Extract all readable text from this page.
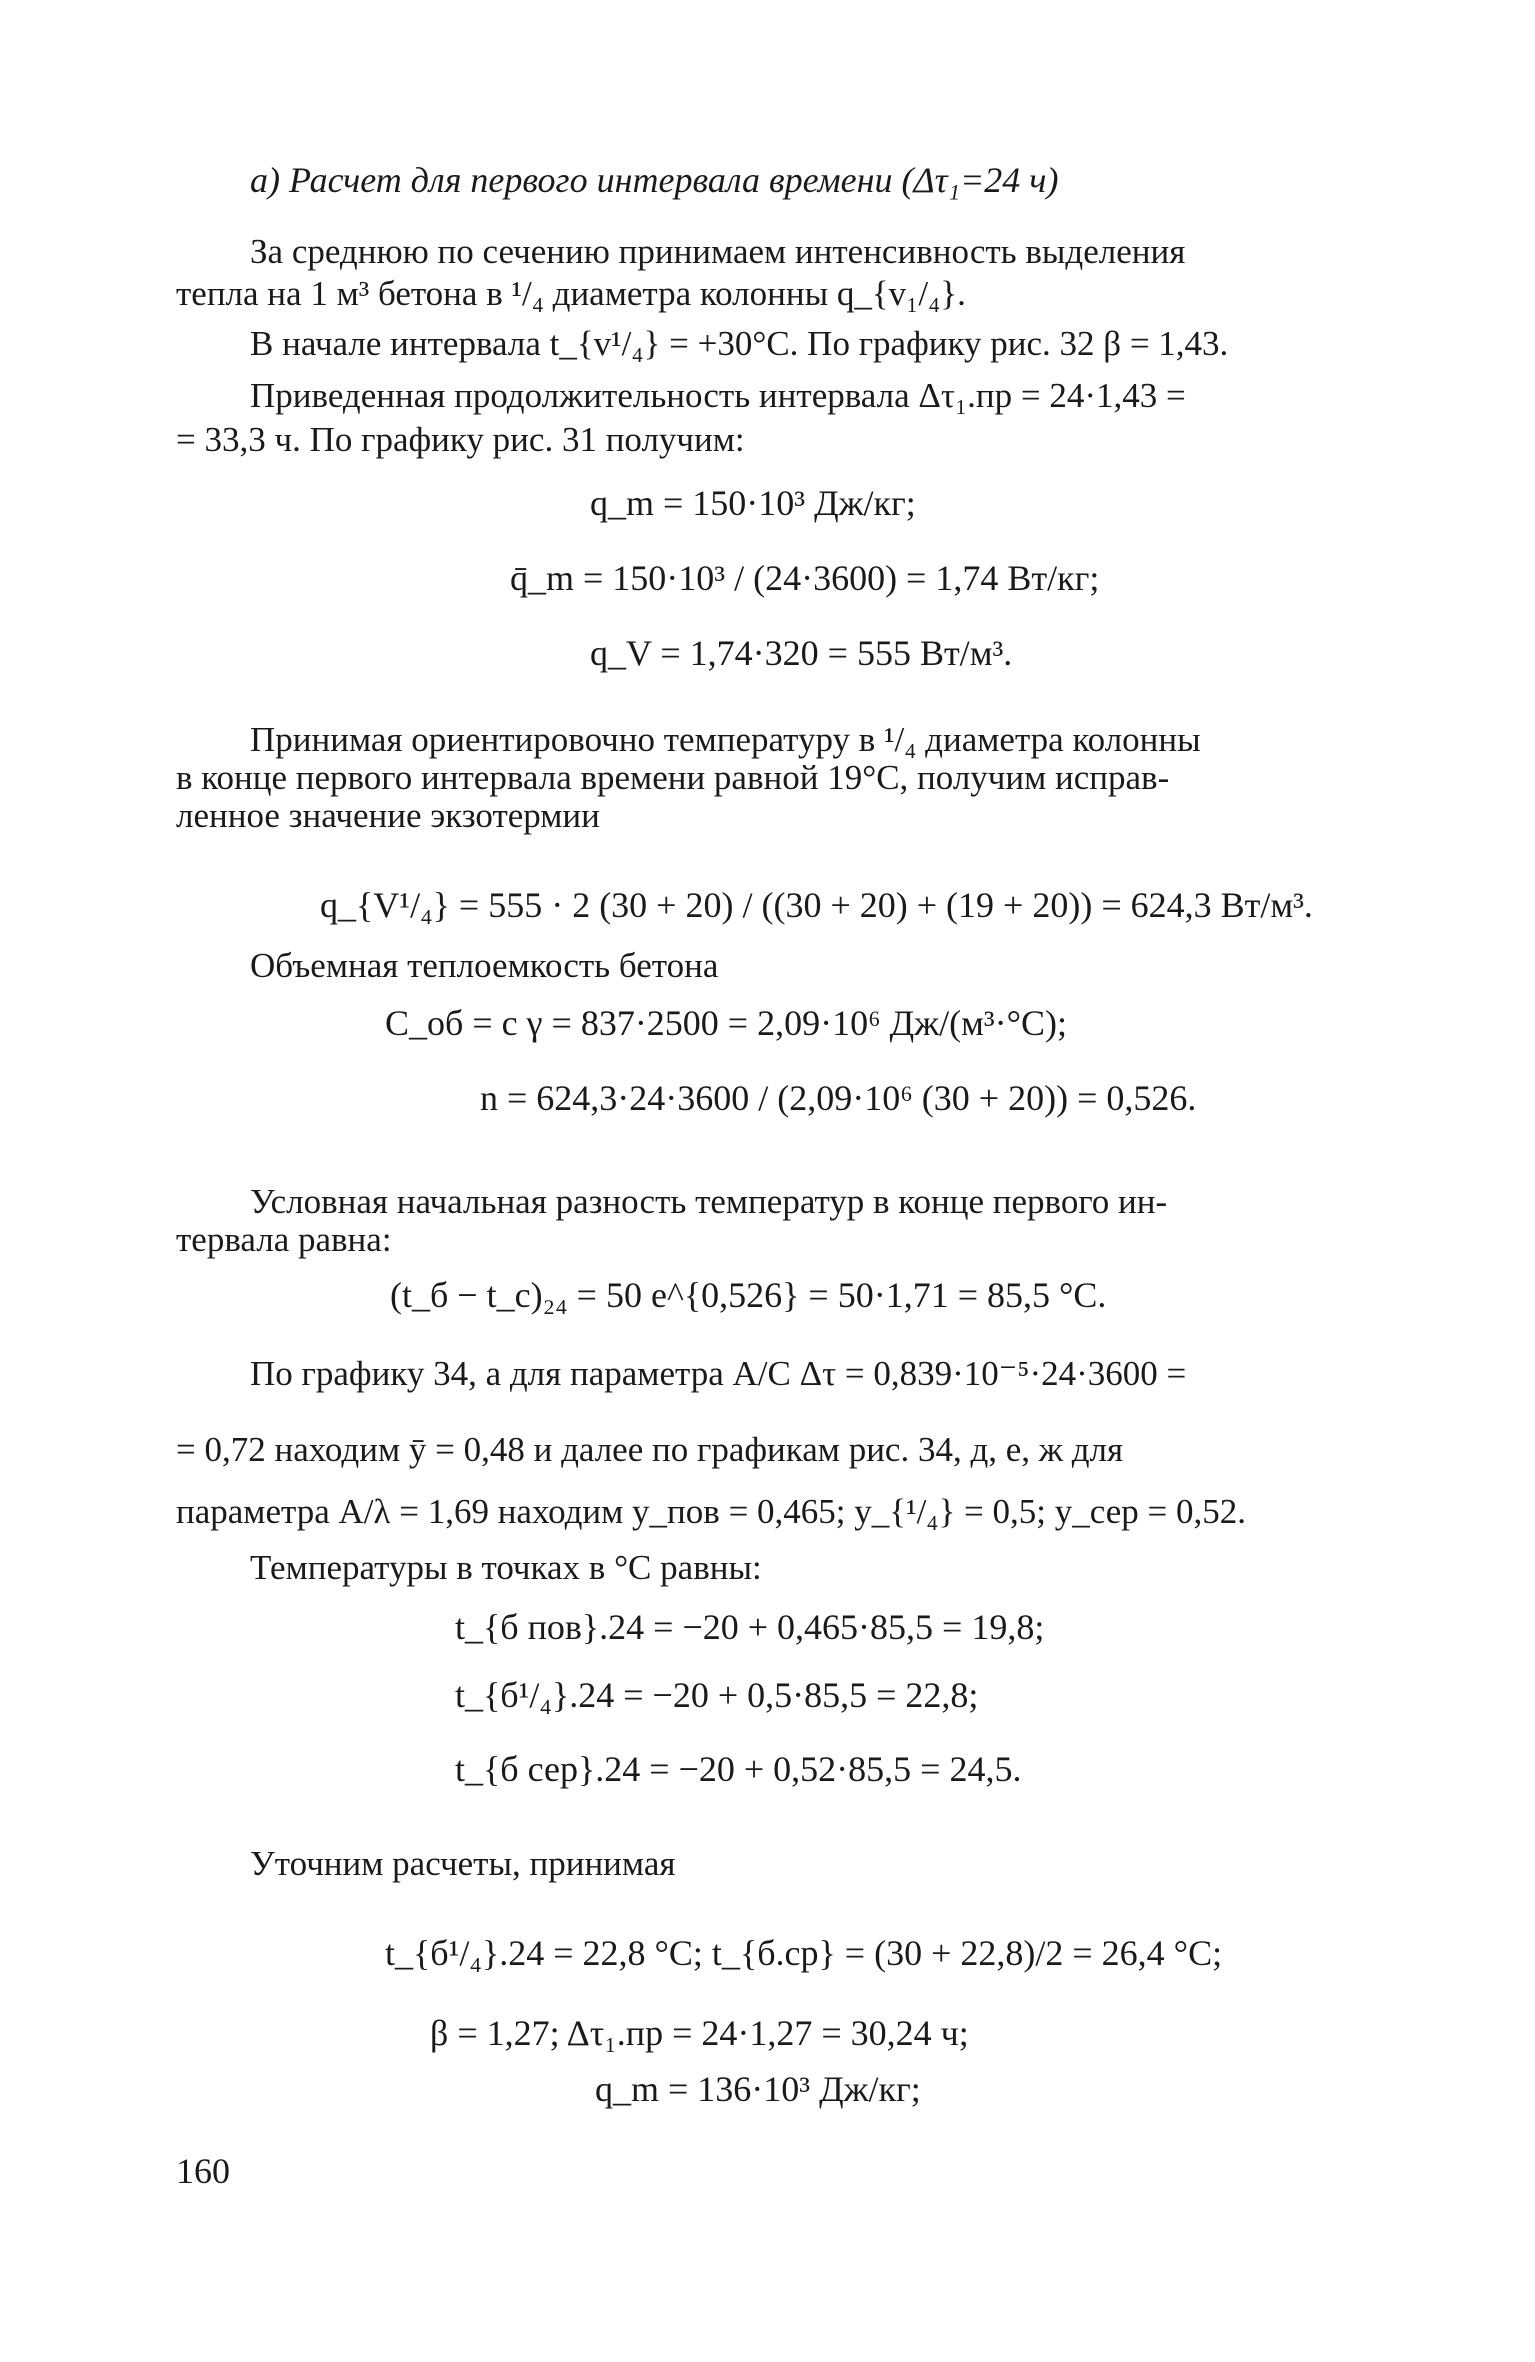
а) Расчет для первого интервала времени (Δτ₁=24 ч)
За среднюю по сечению принимаем интенсивность выделения
тепла на 1 м³ бетона в ¹/₄ диаметра колонны q_{v₁/₄}.
В начале интервала t_{v¹/₄} = +30°С. По графику рис. 32 β = 1,43.
Приведенная продолжительность интервала Δτ₁.пр = 24·1,43 =
= 33,3 ч. По графику рис. 31 получим:
q_m = 150·10³ Дж/кг;
q̄_m = 150·10³ / (24·3600) = 1,74 Вт/кг;
q_V = 1,74·320 = 555 Вт/м³.
Принимая ориентировочно температуру в ¹/₄ диаметра колонны
в конце первого интервала времени равной 19°С, получим исправ-
ленное значение экзотермии
q_{V¹/₄} = 555 · 2 (30 + 20) / ((30 + 20) + (19 + 20)) = 624,3 Вт/м³.
Объемная теплоемкость бетона
C_об = c γ = 837·2500 = 2,09·10⁶ Дж/(м³·°С);
n = 624,3·24·3600 / (2,09·10⁶ (30 + 20)) = 0,526.
Условная начальная разность температур в конце первого ин-
тервала равна:
(t_б − t_c)₂₄ = 50 e^{0,526} = 50·1,71 = 85,5 °С.
По графику 34, а для параметра A/C Δτ = 0,839·10⁻⁵·24·3600 =
= 0,72 находим ȳ = 0,48 и далее по графикам рис. 34, д, е, ж для
параметра A/λ = 1,69 находим y_пов = 0,465; y_{¹/₄} = 0,5; y_сер = 0,52.
Температуры в точках в °С равны:
t_{б пов}.24 = −20 + 0,465·85,5 = 19,8;
t_{б¹/₄}.24 = −20 + 0,5·85,5 = 22,8;
t_{б сер}.24 = −20 + 0,52·85,5 = 24,5.
Уточним расчеты, принимая
t_{б¹/₄}.24 = 22,8 °С; t_{б.ср} = (30 + 22,8)/2 = 26,4 °С;
β = 1,27; Δτ₁.пр = 24·1,27 = 30,24 ч;
q_m = 136·10³ Дж/кг;
160
